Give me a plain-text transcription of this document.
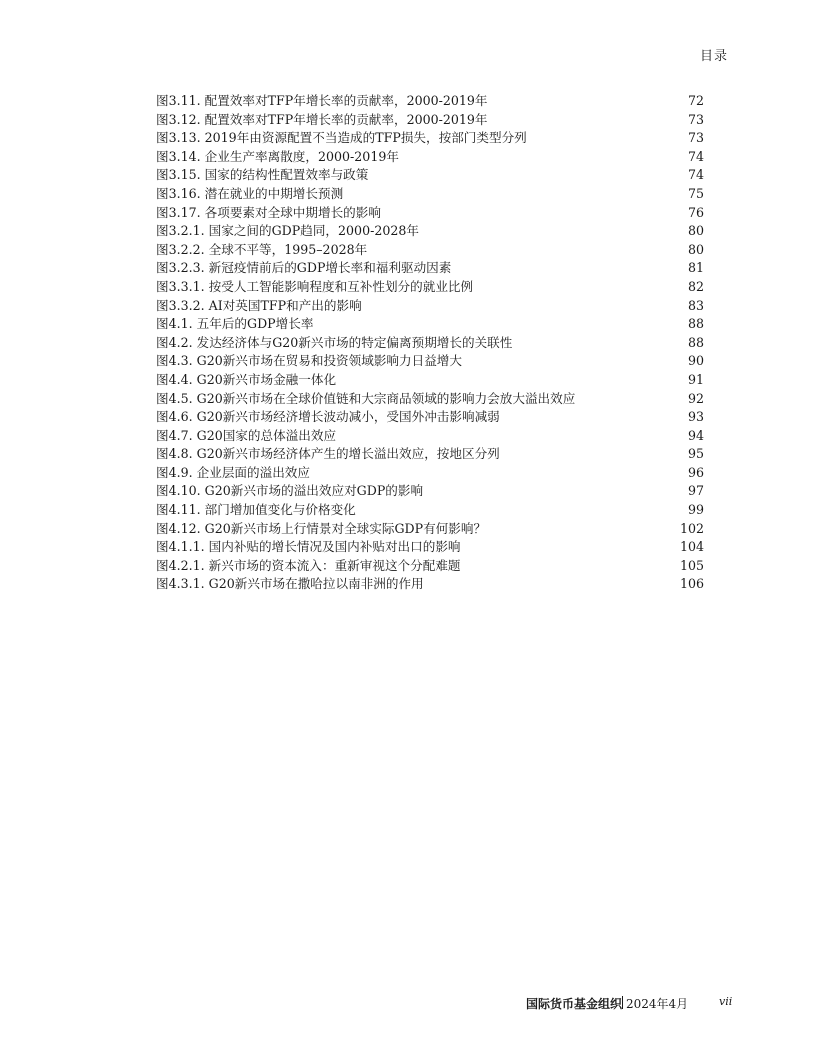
目录
图3.11. 配置效率对TFP年增长率的贡献率，2000-2019年	72
图3.12. 配置效率对TFP年增长率的贡献率，2000-2019年	73
图3.13. 2019年由资源配置不当造成的TFP损失，按部门类型分列	73
图3.14. 企业生产率离散度，2000-2019年	74
图3.15. 国家的结构性配置效率与政策	74
图3.16. 潜在就业的中期增长预测	75
图3.17. 各项要素对全球中期增长的影响	76
图3.2.1. 国家之间的GDP趋同，2000-2028年	80
图3.2.2. 全球不平等，1995–2028年	80
图3.2.3. 新冠疫情前后的GDP增长率和福利驱动因素	81
图3.3.1. 按受人工智能影响程度和互补性划分的就业比例	82
图3.3.2. AI对英国TFP和产出的影响	83
图4.1. 五年后的GDP增长率	88
图4.2. 发达经济体与G20新兴市场的特定偏离预期增长的关联性	88
图4.3. G20新兴市场在贸易和投资领域影响力日益增大	90
图4.4. G20新兴市场金融一体化	91
图4.5. G20新兴市场在全球价值链和大宗商品领域的影响力会放大溢出效应	92
图4.6. G20新兴市场经济增长波动减小，受国外冲击影响减弱	93
图4.7. G20国家的总体溢出效应	94
图4.8. G20新兴市场经济体产生的增长溢出效应，按地区分列	95
图4.9. 企业层面的溢出效应	96
图4.10. G20新兴市场的溢出效应对GDP的影响	97
图4.11. 部门增加值变化与价格变化	99
图4.12. G20新兴市场上行情景对全球实际GDP有何影响？	102
图4.1.1. 国内补贴的增长情况及国内补贴对出口的影响	104
图4.2.1. 新兴市场的资本流入：重新审视这个分配难题	105
图4.3.1. G20新兴市场在撒哈拉以南非洲的作用	106
国际货币基金组织 2024年4月	vii
